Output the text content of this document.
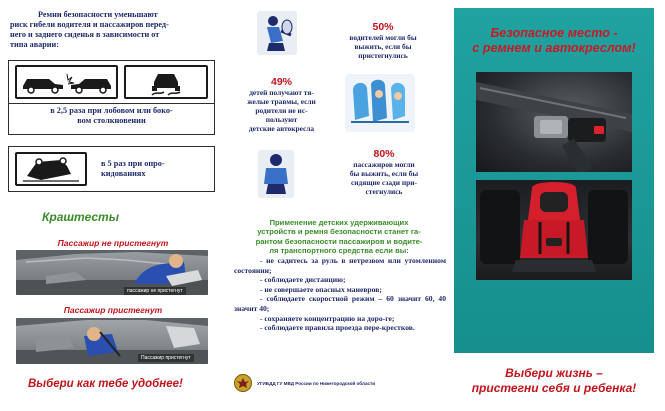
Ремни безопасности уменьшают
риск гибели водителя и пассажиров перед-
него и заднего сиденья в зависимости от
типа аварии:
в 2,5 раза при лобовом или боко-
вом столкновении
в 5 раз при опро-
кидованиях
Краштесты
Пассажир не пристегнут
пассажир не пристегнут
Пассажир пристегнут
Пассажир пристегнут
Выбери как тебе удобнее!
50%
водителей могли бы
выжить, если бы
пристегнулись
49%
детей получают тя-
желые травмы, если
родители не ис-
пользуют
детские автокресла
80%
пассажиров могли
бы выжить, если бы
сидящие сзади при-
стегнулись
Применение детских удерживающих
устройств и ремня безопасности станет га-
рантом безопасности пассажиров и водите-
ля транспортного средства если вы:
- не садитесь за руль в нетрезвом или утомленном состоянии;
- соблюдаете дистанцию;
- не совершаете опасных маневров;
- соблюдаете скоростной режим – 60 значит 60, 40 значит 40;
- сохраняете концентрацию на доро-ге;
- соблюдаете правила проезда пере-крестков.
УГИБДД ГУ МВД России по Нижегородской области
Безопасное место -
с ремнем и автокреслом!
Выбери жизнь –
пристегни себя и ребенка!
